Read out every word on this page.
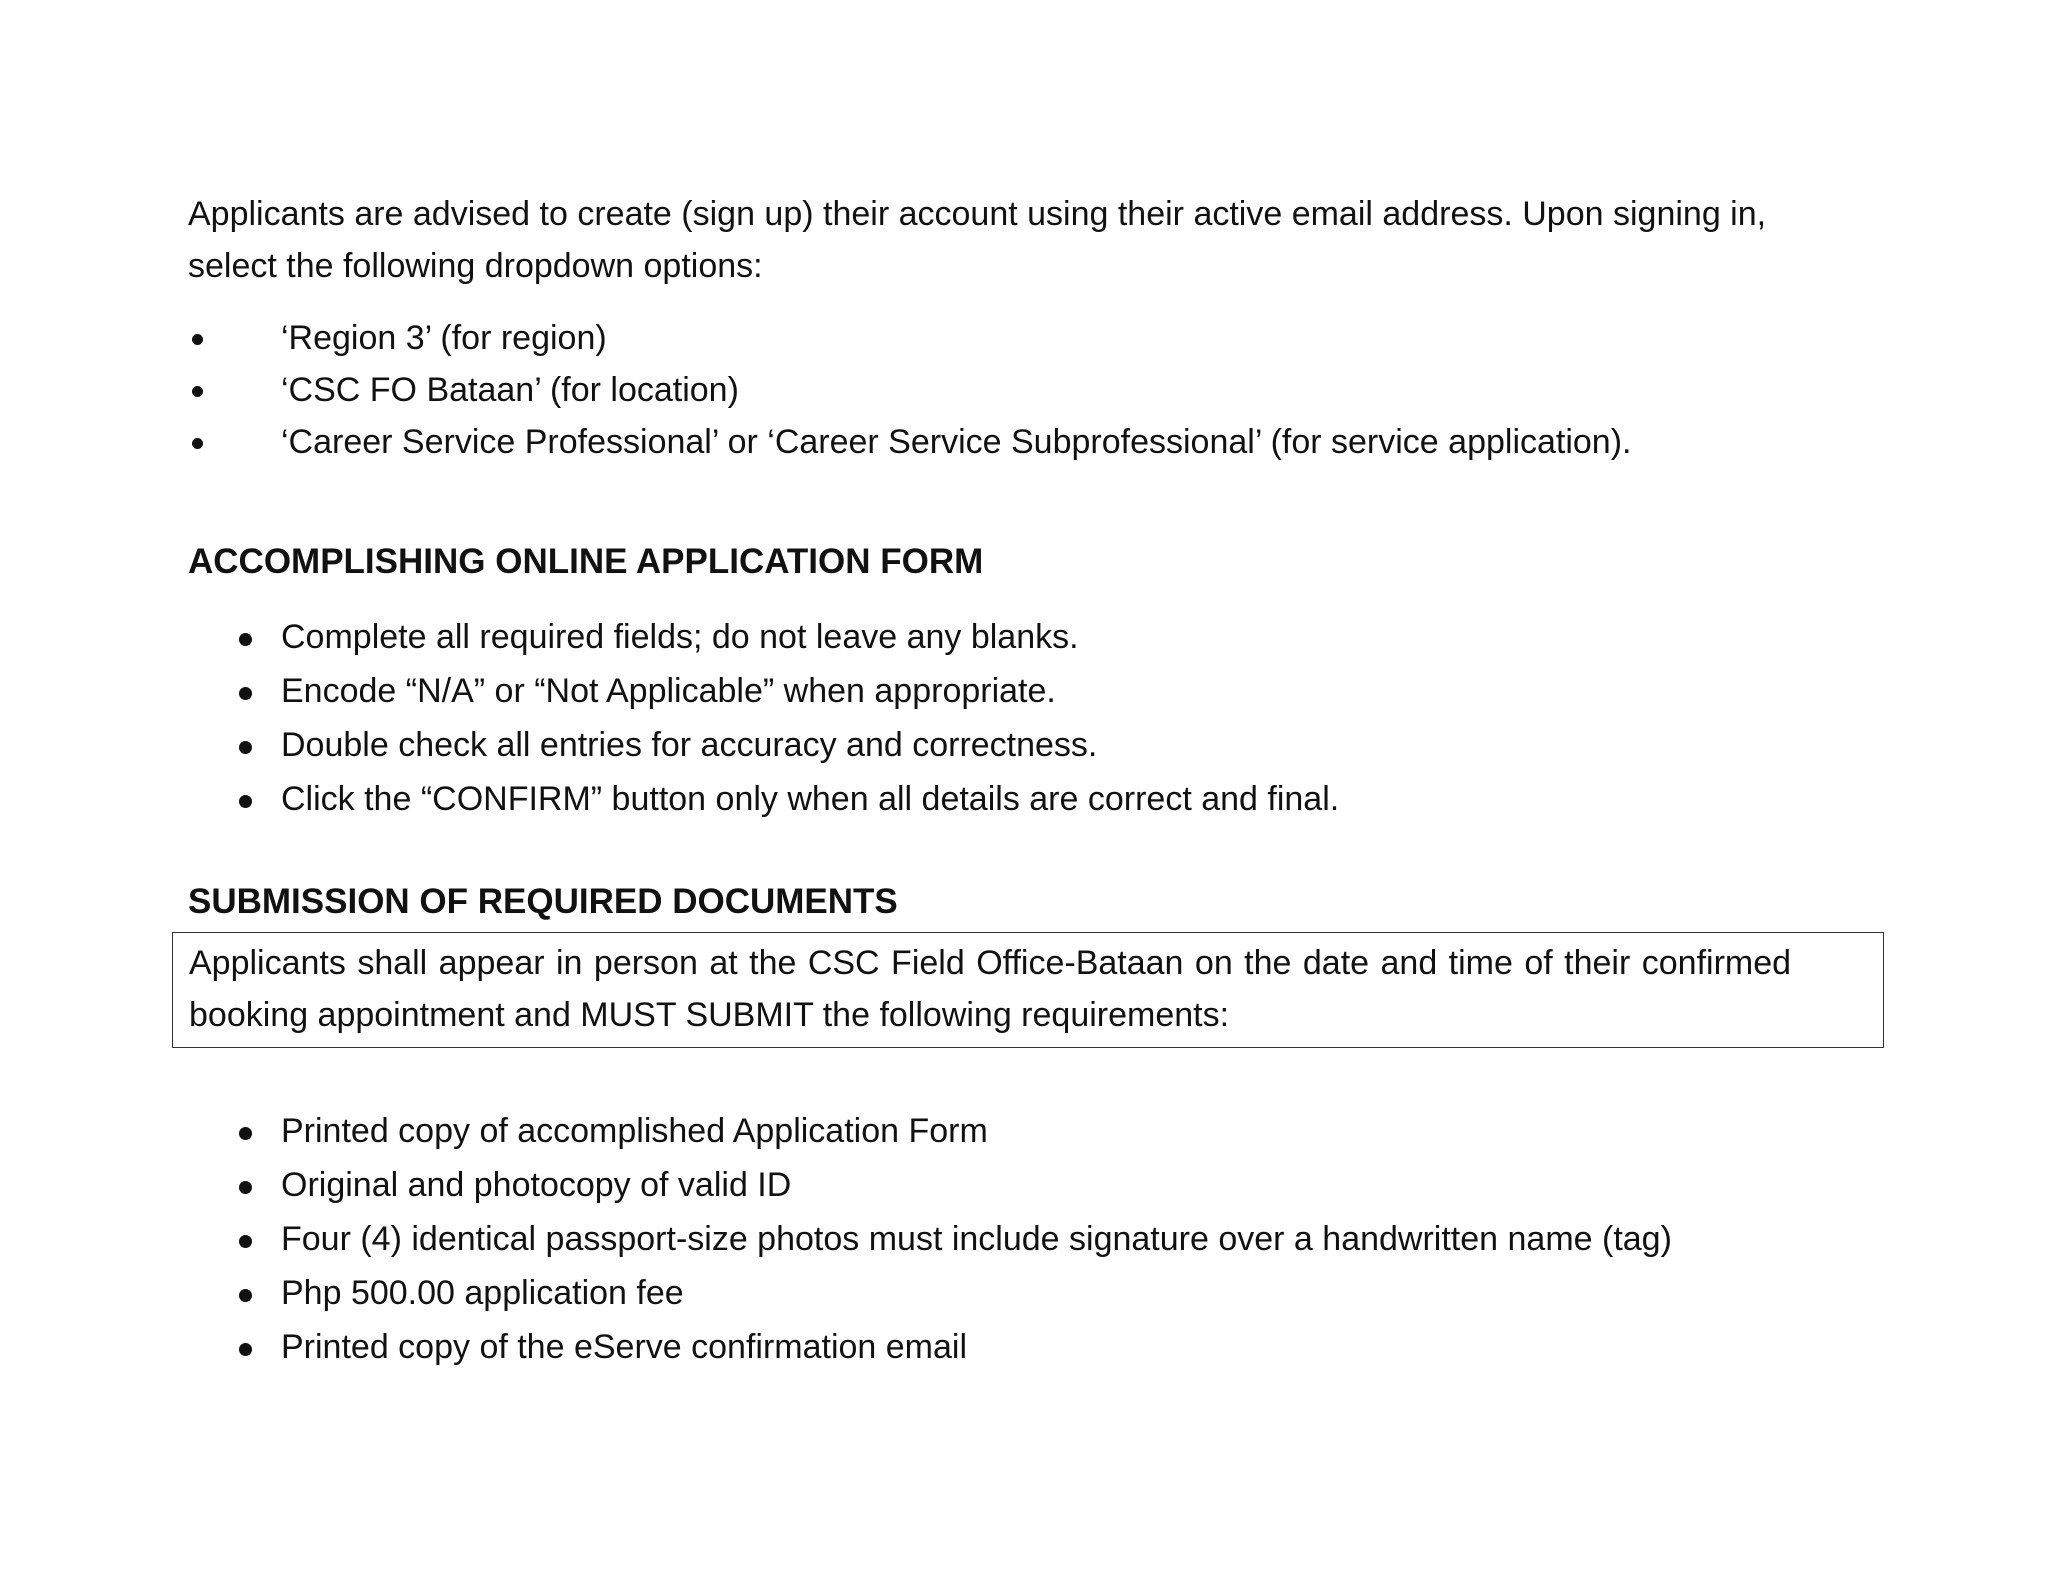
Applicants are advised to create (sign up) their account using their active email address. Upon signing in,
select the following dropdown options:

‘Region 3’ (for region)
‘CSC FO Bataan’ (for location)
‘Career Service Professional’ or ‘Career Service Subprofessional’ (for service application).
ACCOMPLISHING ONLINE APPLICATION FORM
Complete all required fields; do not leave any blanks.
Encode “N/A” or “Not Applicable” when appropriate.
Double check all entries for accuracy and correctness.
Click the “CONFIRM” button only when all details are correct and final.
SUBMISSION OF REQUIRED DOCUMENTS
Applicants shall appear in person at the CSC Field Office-Bataan on the date and time of their confirmed
booking appointment and MUST SUBMIT the following requirements:
Printed copy of accomplished Application Form
Original and photocopy of valid ID
Four (4) identical passport-size photos must include signature over a handwritten name (tag)
Php 500.00 application fee
Printed copy of the eServe confirmation email
